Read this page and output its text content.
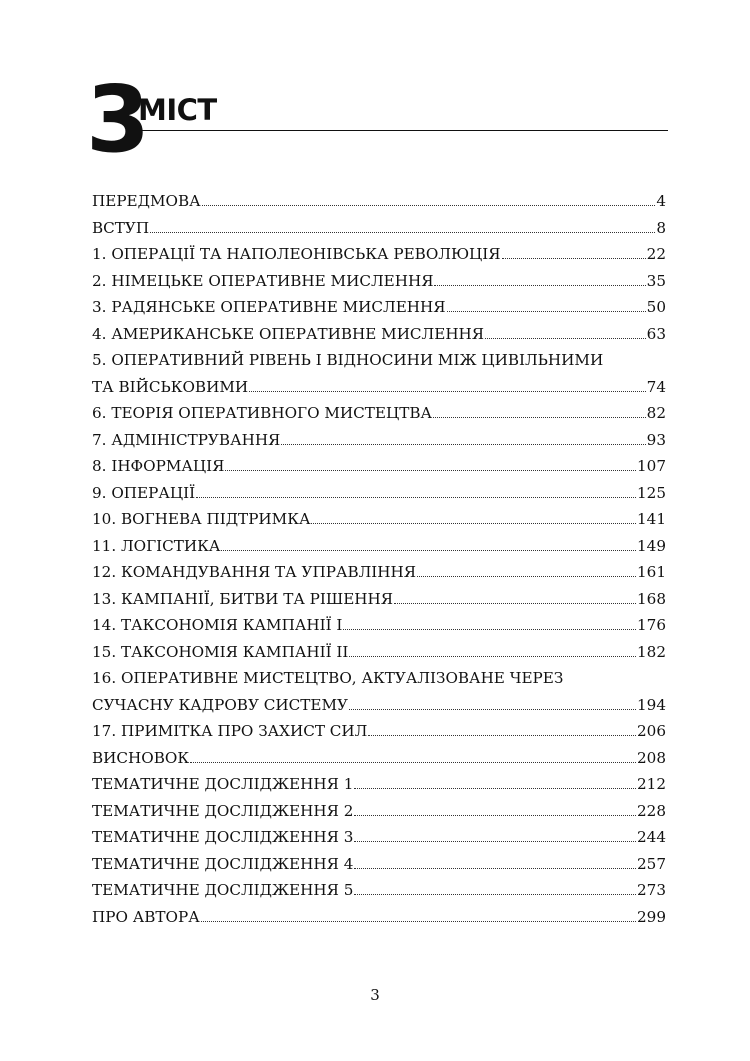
3
МІСТ
ПЕРЕДМОВА	4
ВСТУП	8
1. ОПЕРАЦІЇ ТА НАПОЛЕОНІВСЬКА РЕВОЛЮЦІЯ	22
2. НІМЕЦЬКЕ ОПЕРАТИВНЕ МИСЛЕННЯ	35
3. РАДЯНСЬКЕ ОПЕРАТИВНЕ МИСЛЕННЯ	50
4. АМЕРИКАНСЬКЕ ОПЕРАТИВНЕ МИСЛЕННЯ	63
5. ОПЕРАТИВНИЙ РІВЕНЬ І ВІДНОСИНИ МІЖ ЦИВІЛЬНИМИ
ТА ВІЙСЬКОВИМИ	74
6. ТЕОРІЯ ОПЕРАТИВНОГО МИСТЕЦТВА	82
7. АДМІНІСТРУВАННЯ	93
8. ІНФОРМАЦІЯ	107
9. ОПЕРАЦІЇ	125
10. ВОГНЕВА ПІДТРИМКА	141
11. ЛОГІСТИКА	149
12. КОМАНДУВАННЯ ТА УПРАВЛІННЯ	161
13. КАМПАНІЇ, БИТВИ ТА РІШЕННЯ	168
14. ТАКСОНОМІЯ КАМПАНІЇ І	176
15. ТАКСОНОМІЯ КАМПАНІЇ ІІ	182
16. ОПЕРАТИВНЕ МИСТЕЦТВО, АКТУАЛІЗОВАНЕ ЧЕРЕЗ
СУЧАСНУ КАДРОВУ СИСТЕМУ	194
17. ПРИМІТКА ПРО ЗАХИСТ СИЛ	206
ВИСНОВОК	208
ТЕМАТИЧНЕ ДОСЛІДЖЕННЯ 1	212
ТЕМАТИЧНЕ ДОСЛІДЖЕННЯ 2	228
ТЕМАТИЧНЕ ДОСЛІДЖЕННЯ 3	244
ТЕМАТИЧНЕ ДОСЛІДЖЕННЯ 4	257
ТЕМАТИЧНЕ ДОСЛІДЖЕННЯ 5	273
ПРО АВТОРА	299
3
